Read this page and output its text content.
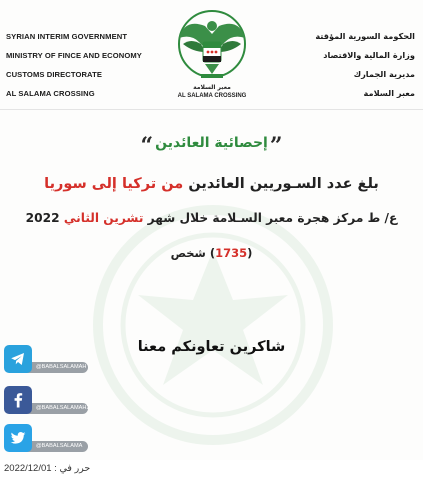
SYRIAN INTERIM GOVERNMENT
MINISTRY OF FINCE AND ECONOMY
CUSTOMS DIRECTORATE
AL SALAMA CROSSING
الحكومة السورية المؤقتة
وزارة المالية والاقتصاد
مديرية الجمارك
معبر السلامة
معبر السلامة
AL SALAMA CROSSING
”إحصائية العائدين“
بلغ عدد السـوريين العائدين من تركيا إلى سوريا
ع/ ط مركز هجرة معبر السـلامة خلال شهر تشرين الثاني 2022
(1735) شخص
شاكرين تعاونكم معنا
@BABALSALAMAH
@BABALSALAMAH2
@BABALSALAMA
2022/12/01 : حرر في
